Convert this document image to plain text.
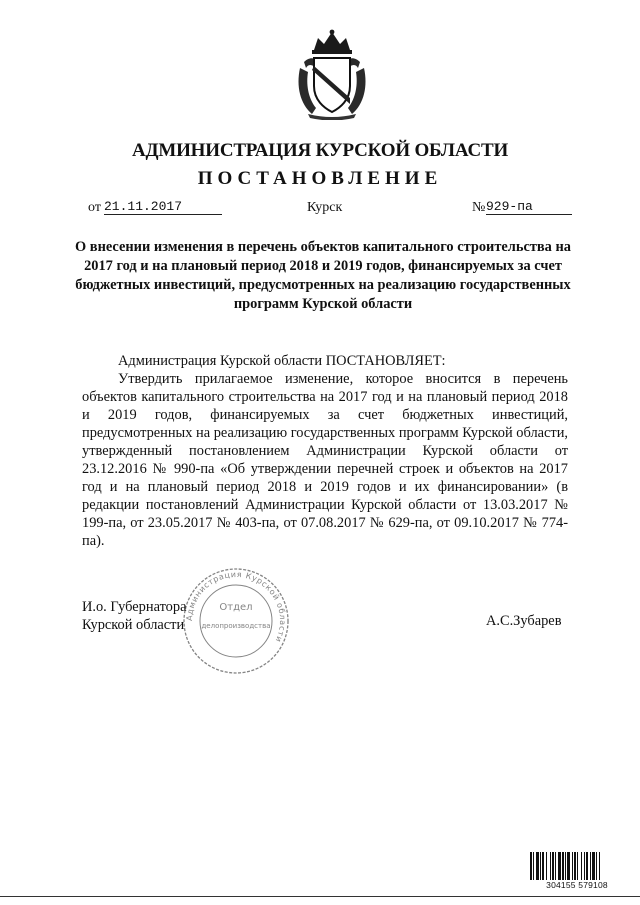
АДМИНИСТРАЦИЯ КУРСКОЙ ОБЛАСТИ
ПОСТАНОВЛЕНИЕ
от 21.11.2017	Курск	№ 929-па
О внесении изменения в перечень объектов капитального строительства на 2017 год и на плановый период 2018 и 2019 годов, финансируемых за счет бюджетных инвестиций, предусмотренных на реализацию государственных программ Курской области

Администрация Курской области ПОСТАНОВЛЯЕТ:

Утвердить прилагаемое изменение, которое вносится в перечень объектов капитального строительства на 2017 год и на плановый период 2018 и 2019 годов, финансируемых за счет бюджетных инвестиций, предусмотренных на реализацию государственных программ Курской области, утвержденный постановлением Администрации Курской области от 23.12.2016 № 990-па «Об утверждении перечней строек и объектов на 2017 год и на плановый период 2018 и 2019 годов и их финансировании» (в редакции постановлений Администрации Курской области от 13.03.2017 № 199-па, от 23.05.2017 № 403-па, от 07.08.2017 № 629-па, от 09.10.2017 № 774-па).

Администрация Курской области
Отдел
делопроизводства
И.о. Губернатора
Курской области	А.С.Зубарев
304155 579108
